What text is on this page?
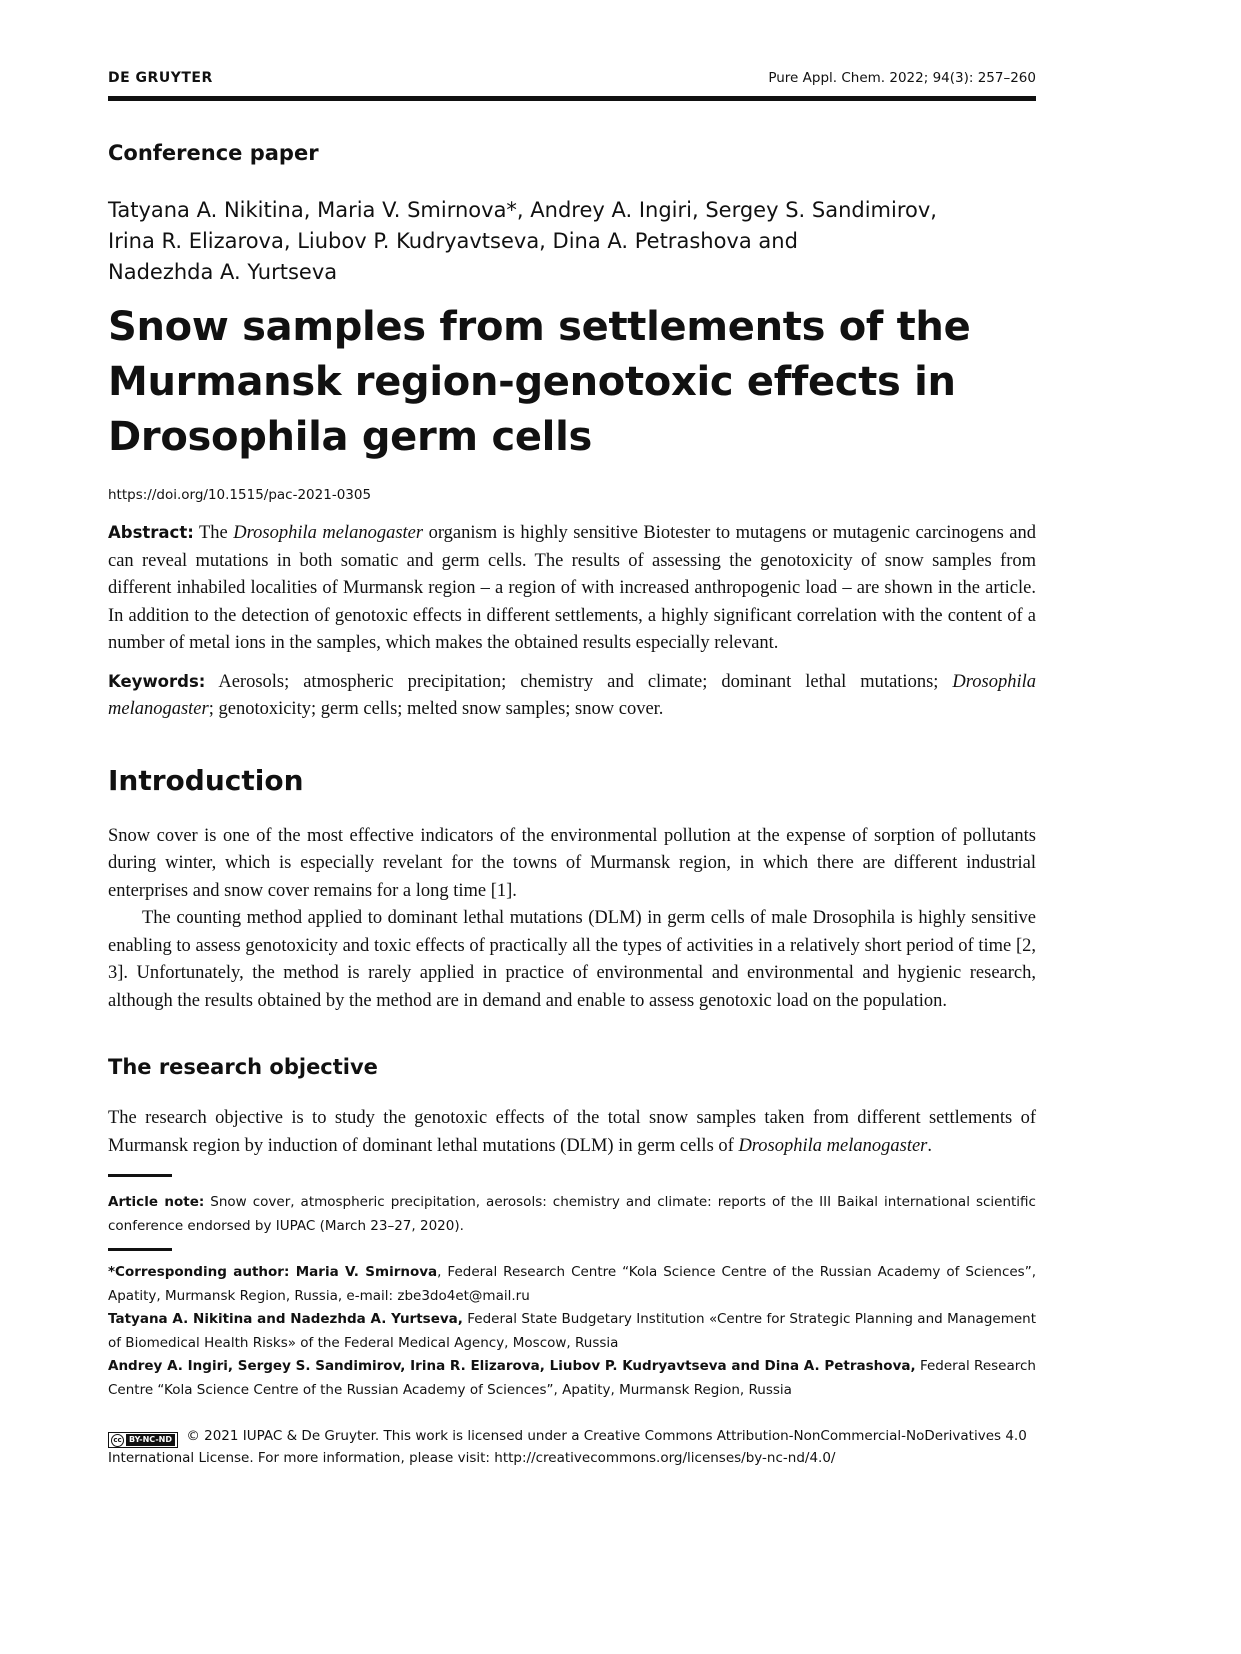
DE GRUYTER	Pure Appl. Chem. 2022; 94(3): 257–260
Conference paper
Tatyana A. Nikitina, Maria V. Smirnova*, Andrey A. Ingiri, Sergey S. Sandimirov,
Irina R. Elizarova, Liubov P. Kudryavtseva, Dina A. Petrashova and
Nadezhda A. Yurtseva
Snow samples from settlements of the
Murmansk region-genotoxic effects in
Drosophila germ cells
https://doi.org/10.1515/pac-2021-0305

Abstract: The Drosophila melanogaster organism is highly sensitive Biotester to mutagens or mutagenic carcinogens and can reveal mutations in both somatic and germ cells. The results of assessing the genotoxicity of snow samples from different inhabiled localities of Murmansk region – a region of with increased anthropogenic load – are shown in the article. In addition to the detection of genotoxic effects in different settlements, a highly significant correlation with the content of a number of metal ions in the samples, which makes the obtained results especially relevant.

Keywords: Aerosols; atmospheric precipitation; chemistry and climate; dominant lethal mutations; Drosophila melanogaster; genotoxicity; germ cells; melted snow samples; snow cover.

Introduction
Snow cover is one of the most effective indicators of the environmental pollution at the expense of sorption of pollutants during winter, which is especially revelant for the towns of Murmansk region, in which there are different industrial enterprises and snow cover remains for a long time [1].
The counting method applied to dominant lethal mutations (DLM) in germ cells of male Drosophila is highly sensitive enabling to assess genotoxicity and toxic effects of practically all the types of activities in a relatively short period of time [2, 3]. Unfortunately, the method is rarely applied in practice of environmental and environmental and hygienic research, although the results obtained by the method are in demand and enable to assess genotoxic load on the population.
The research objective

The research objective is to study the genotoxic effects of the total snow samples taken from different settlements of Murmansk region by induction of dominant lethal mutations (DLM) in germ cells of Drosophila melanogaster.

Article note: Snow cover, atmospheric precipitation, aerosols: chemistry and climate: reports of the III Baikal international scientific conference endorsed by IUPAC (March 23–27, 2020).
*Corresponding author: Maria V. Smirnova, Federal Research Centre “Kola Science Centre of the Russian Academy of Sciences”, Apatity, Murmansk Region, Russia, e-mail: zbe3do4et@mail.ru
Tatyana A. Nikitina and Nadezhda A. Yurtseva, Federal State Budgetary Institution «Centre for Strategic Planning and Management of Biomedical Health Risks» of the Federal Medical Agency, Moscow, Russia
Andrey A. Ingiri, Sergey S. Sandimirov, Irina R. Elizarova, Liubov P. Kudryavtseva and Dina A. Petrashova, Federal Research Centre “Kola Science Centre of the Russian Academy of Sciences”, Apatity, Murmansk Region, Russia
cc BY-NC-ND © 2021 IUPAC & De Gruyter. This work is licensed under a Creative Commons Attribution-NonCommercial-NoDerivatives 4.0 International License. For more information, please visit: http://creativecommons.org/licenses/by-nc-nd/4.0/
